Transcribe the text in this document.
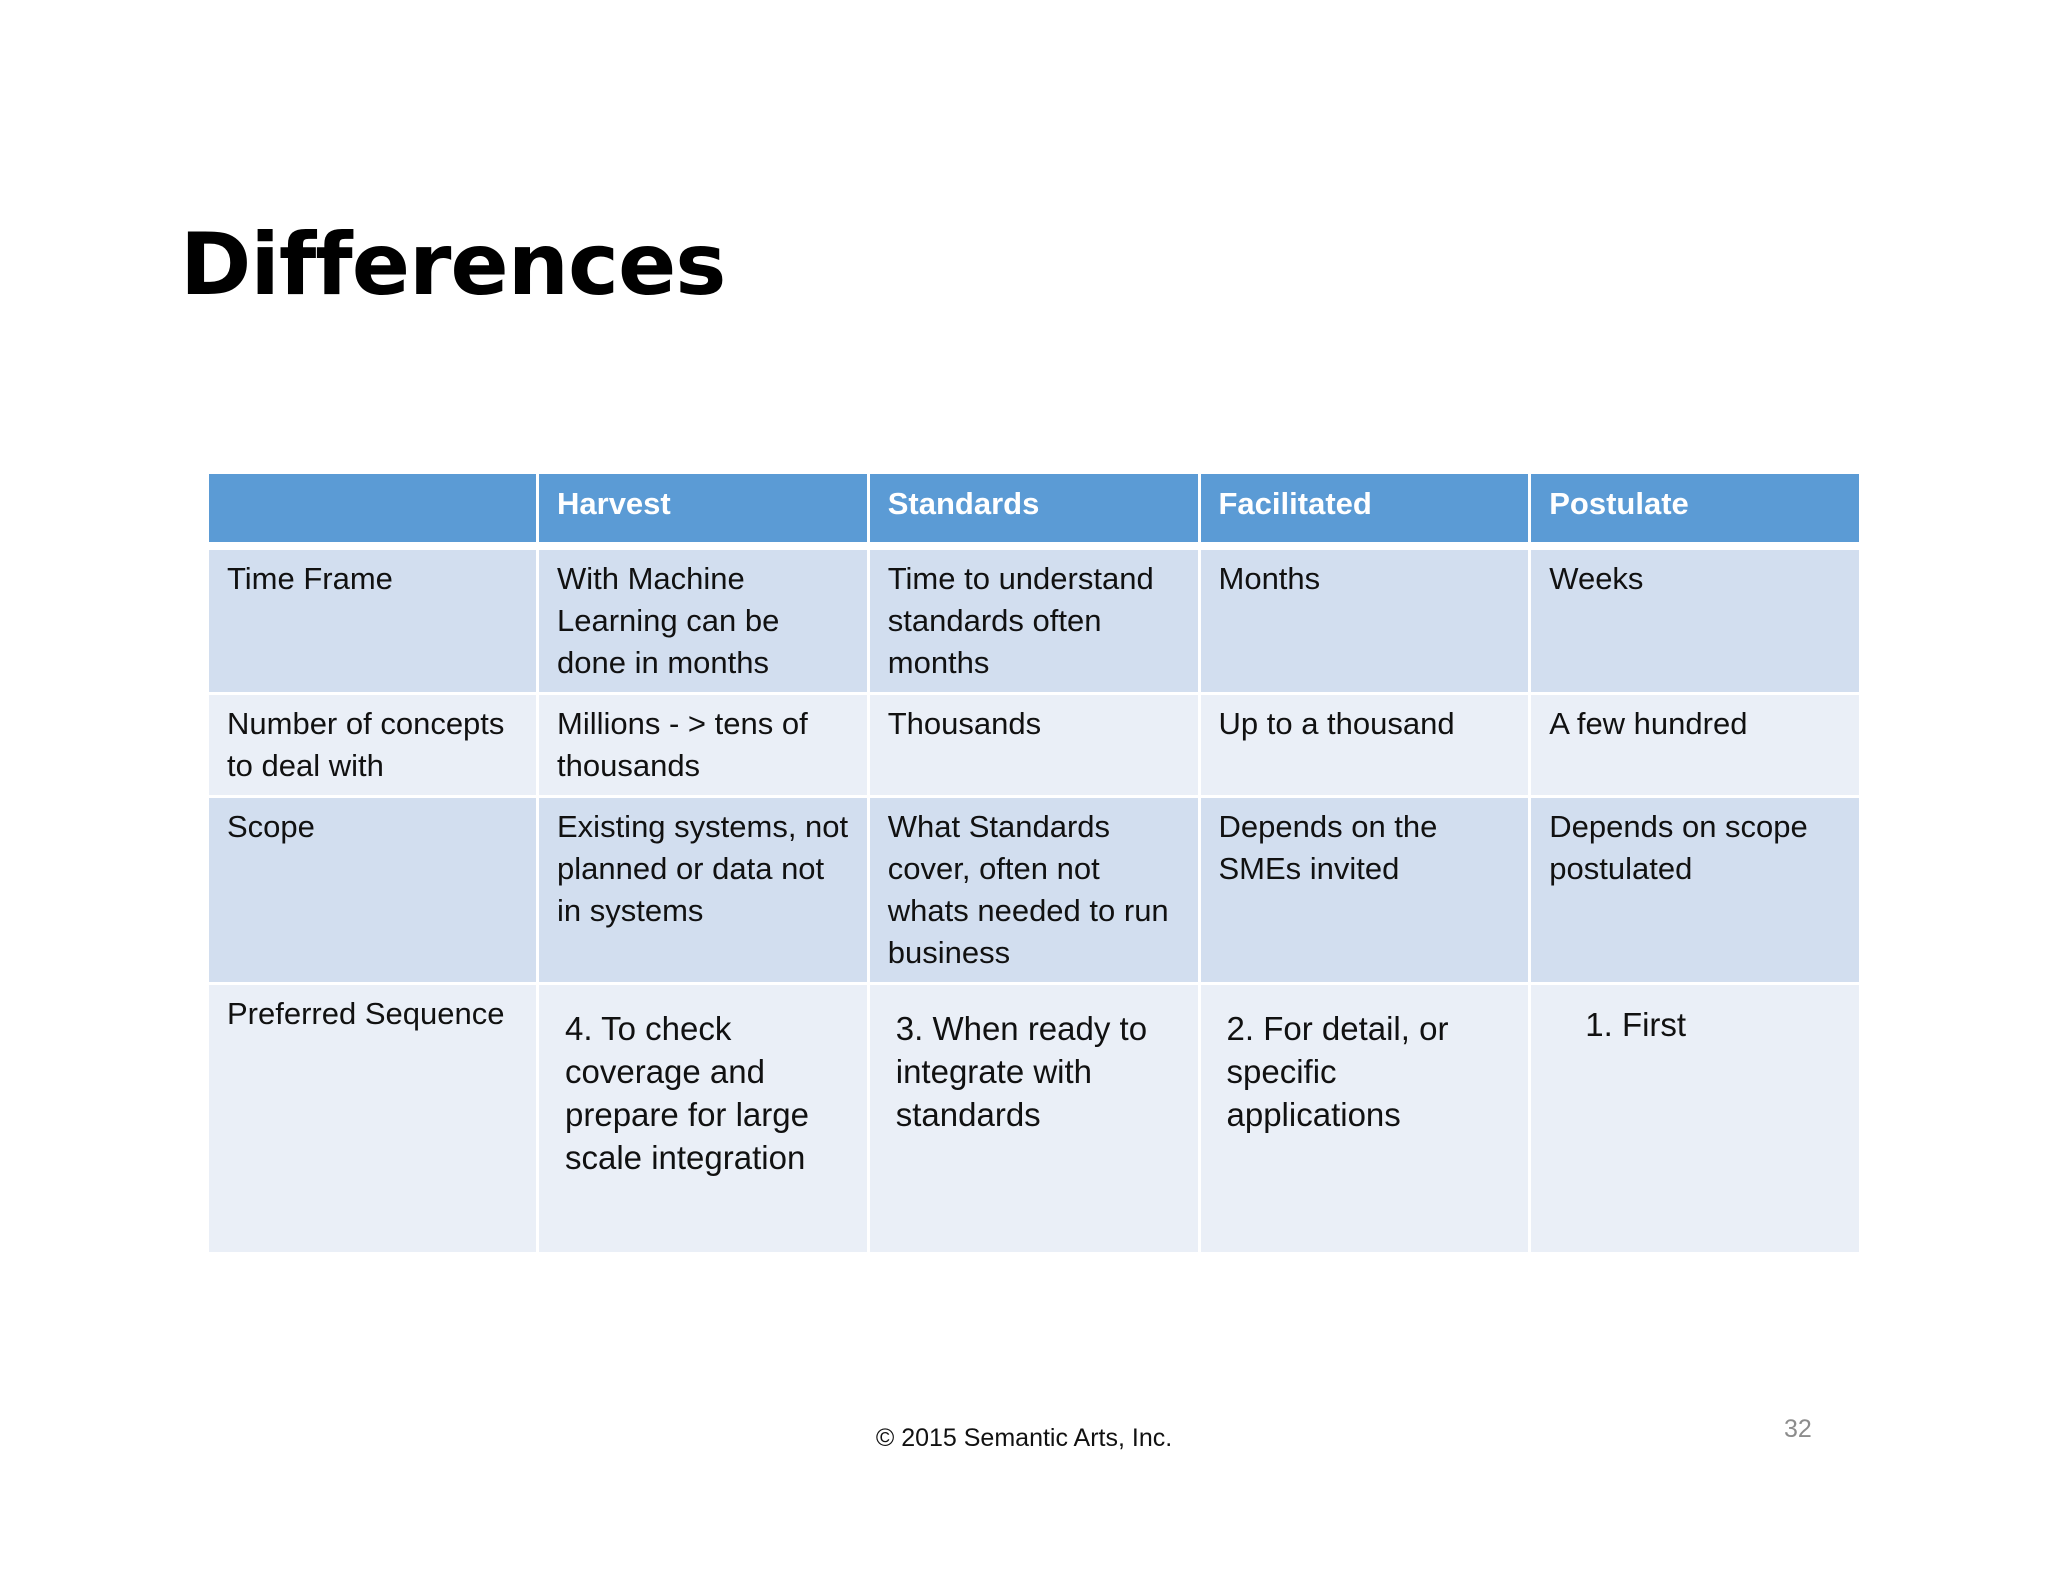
Differences
	Harvest	Standards	Facilitated	Postulate
Time Frame	With Machine Learning can be done in months	Time to understand standards often months	Months	Weeks
Number of concepts to deal with	Millions - > tens of thousands	Thousands	Up to a thousand	A few hundred
Scope	Existing systems, not planned or data not in systems	What Standards cover, often not whats needed to run business	Depends on the SMEs invited	Depends on scope postulated
Preferred Sequence	4. To check coverage and prepare for large scale integration	3. When ready to integrate with standards	2. For detail, or specific applications	1. First
© 2015 Semantic Arts, Inc.	32
